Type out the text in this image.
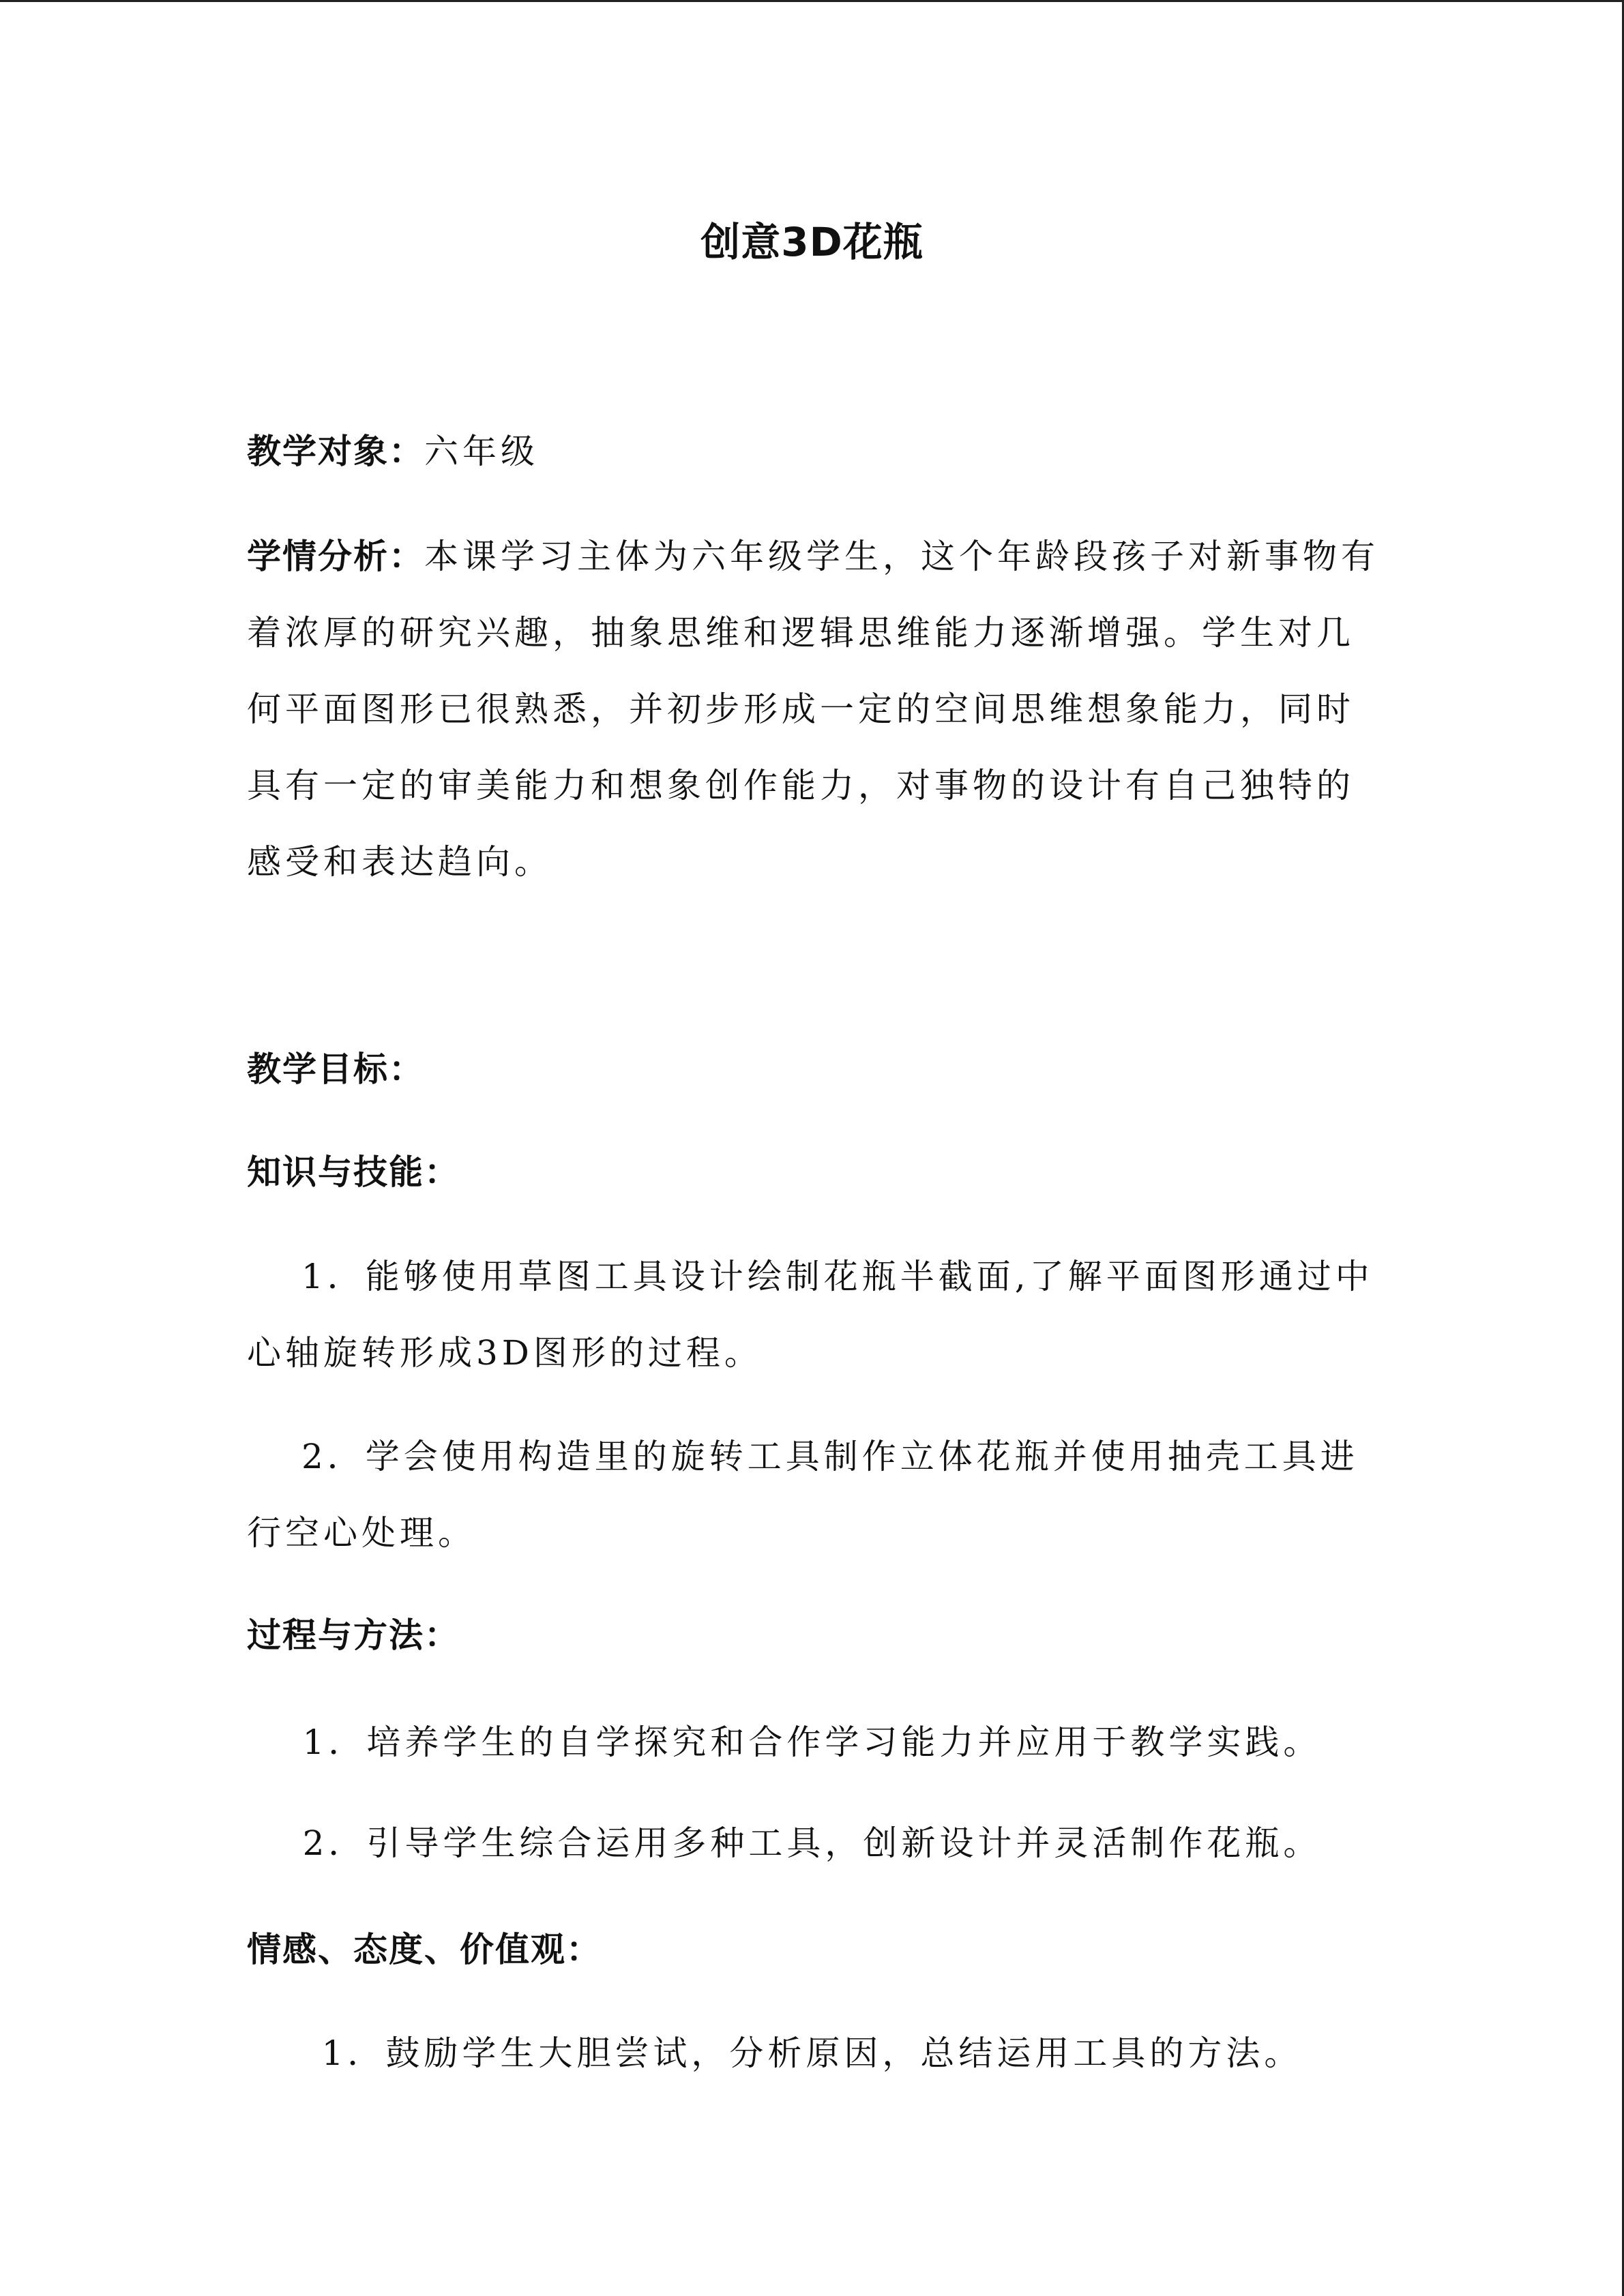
创意3D花瓶
教学对象：六年级
学情分析：本课学习主体为六年级学生，这个年龄段孩子对新事物有着浓厚的研究兴趣，抽象思维和逻辑思维能力逐渐增强。学生对几何平面图形已很熟悉，并初步形成一定的空间思维想象能力，同时具有一定的审美能力和想象创作能力，对事物的设计有自己独特的感受和表达趋向。
教学目标：
知识与技能：
1．能够使用草图工具设计绘制花瓶半截面,了解平面图形通过中心轴旋转形成3D图形的过程。
2．学会使用构造里的旋转工具制作立体花瓶并使用抽壳工具进行空心处理。
过程与方法：
1．培养学生的自学探究和合作学习能力并应用于教学实践。
2．引导学生综合运用多种工具，创新设计并灵活制作花瓶。
情感、态度、价值观：
1．鼓励学生大胆尝试，分析原因，总结运用工具的方法。
